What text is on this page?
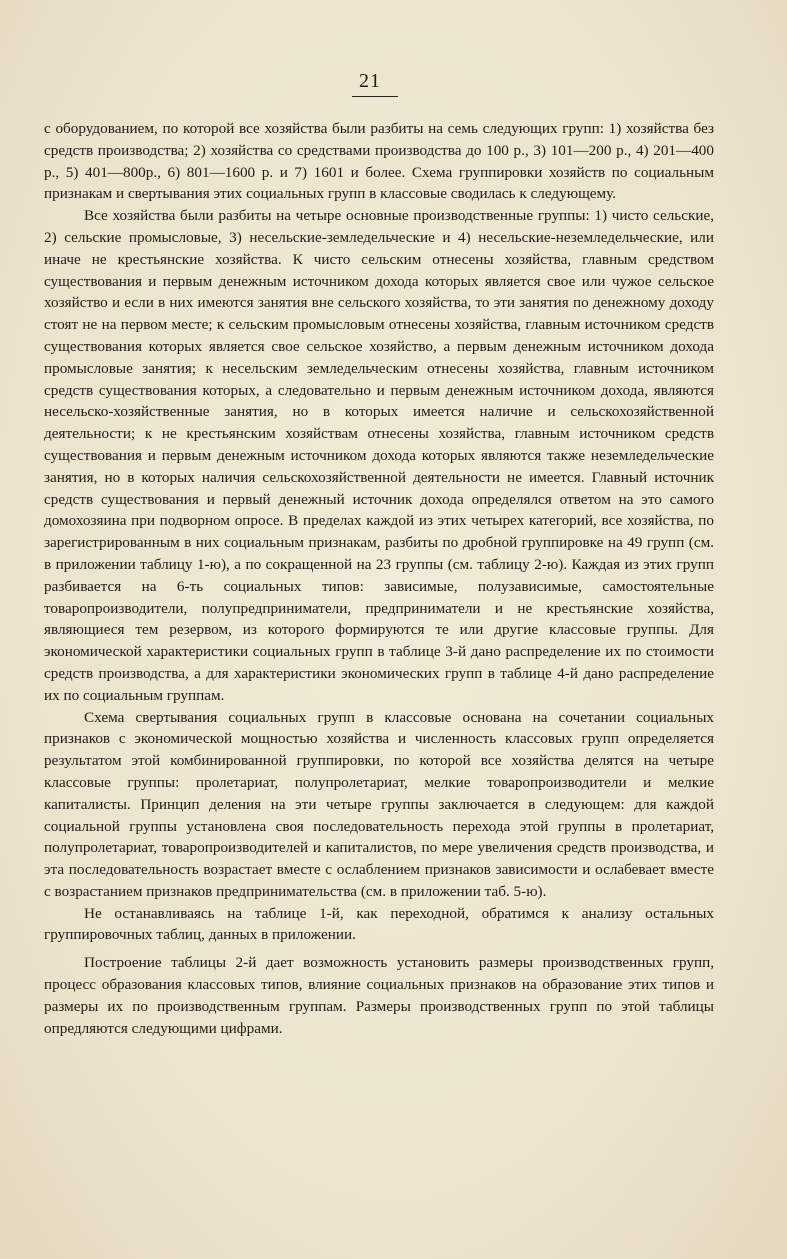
21

с оборудованием, по которой все хозяйства были разбиты на семь следующих групп: 1) хозяйства без средств производства; 2) хозяйства со средствами производства до 100 р., 3) 101—200 р., 4) 201—400 р., 5) 401—800р., 6) 801—1600 р. и 7) 1601 и более. Схема группировки хозяйств по социальным признакам и свертывания этих социальных групп в классовые сводилась к следующему.

Все хозяйства были разбиты на четыре основные производственные группы: 1) чисто сельские, 2) сельские промысловые, 3) несельские-земледельческие и 4) несельские-неземледельческие, или иначе не крестьянские хозяйства. К чисто сельским отнесены хозяйства, главным средством существования и первым денежным источником дохода которых является свое или чужое сельское хозяйство и если в них имеются занятия вне сельского хозяйства, то эти занятия по денежному доходу стоят не на первом месте; к сельским промысловым отнесены хозяйства, главным источником средств существования которых является свое сельское хозяйство, а первым денежным источником дохода промысловые занятия; к несельским земледельческим отнесены хозяйства, главным источником средств существования которых, а следовательно и первым денежным источником дохода, являются несельско-хозяйственные занятия, но в которых имеется наличие и сельскохозяйственной деятельности; к не крестьянским хозяйствам отнесены хозяйства, главным источником средств существования и первым денежным источником дохода которых являются также неземледельческие занятия, но в которых наличия сельскохозяйственной деятельности не имеется. Главный источник средств существования и первый денежный источник дохода определялся ответом на это самого домохозяина при подворном опросе. В пределах каждой из этих четырех категорий, все хозяйства, по зарегистрированным в них социальным признакам, разбиты по дробной группировке на 49 групп (см. в приложении таблицу 1-ю), а по сокращенной на 23 группы (см. таблицу 2-ю). Каждая из этих групп разбивается на 6-ть социальных типов: зависимые, полузависимые, самостоятельные товаропроизводители, полупредприниматели, предприниматели и не крестьянские хозяйства, являющиеся тем резервом, из которого формируются те или другие классовые группы. Для экономической характеристики социальных групп в таблице 3-й дано распределение их по стоимости средств производства, а для характеристики экономических групп в таблице 4-й дано распределение их по социальным группам.

Схема свертывания социальных групп в классовые основана на сочетании социальных признаков с экономической мощностью хозяйства и численность классовых групп определяется результатом этой комбинированной группировки, по которой все хозяйства делятся на четыре классовые группы: пролетариат, полупролетариат, мелкие товаропроизводители и мелкие капиталисты. Принцип деления на эти четыре группы заключается в следующем: для каждой социальной группы установлена своя последовательность перехода этой группы в пролетариат, полупролетариат, товаропроизводителей и капиталистов, по мере увеличения средств производства, и эта последовательность возрастает вместе с ослаблением признаков зависимости и ослабевает вместе с возрастанием признаков предпринимательства (см. в приложении таб. 5-ю).

Не останавливаясь на таблице 1-й, как переходной, обратимся к анализу остальных группировочных таблиц, данных в приложении.

Построение таблицы 2-й дает возможность установить размеры производственных групп, процесс образования классовых типов, влияние социальных признаков на образование этих типов и размеры их по производственным группам. Размеры производственных групп по этой таблицы опредляются следующими цифрами.
